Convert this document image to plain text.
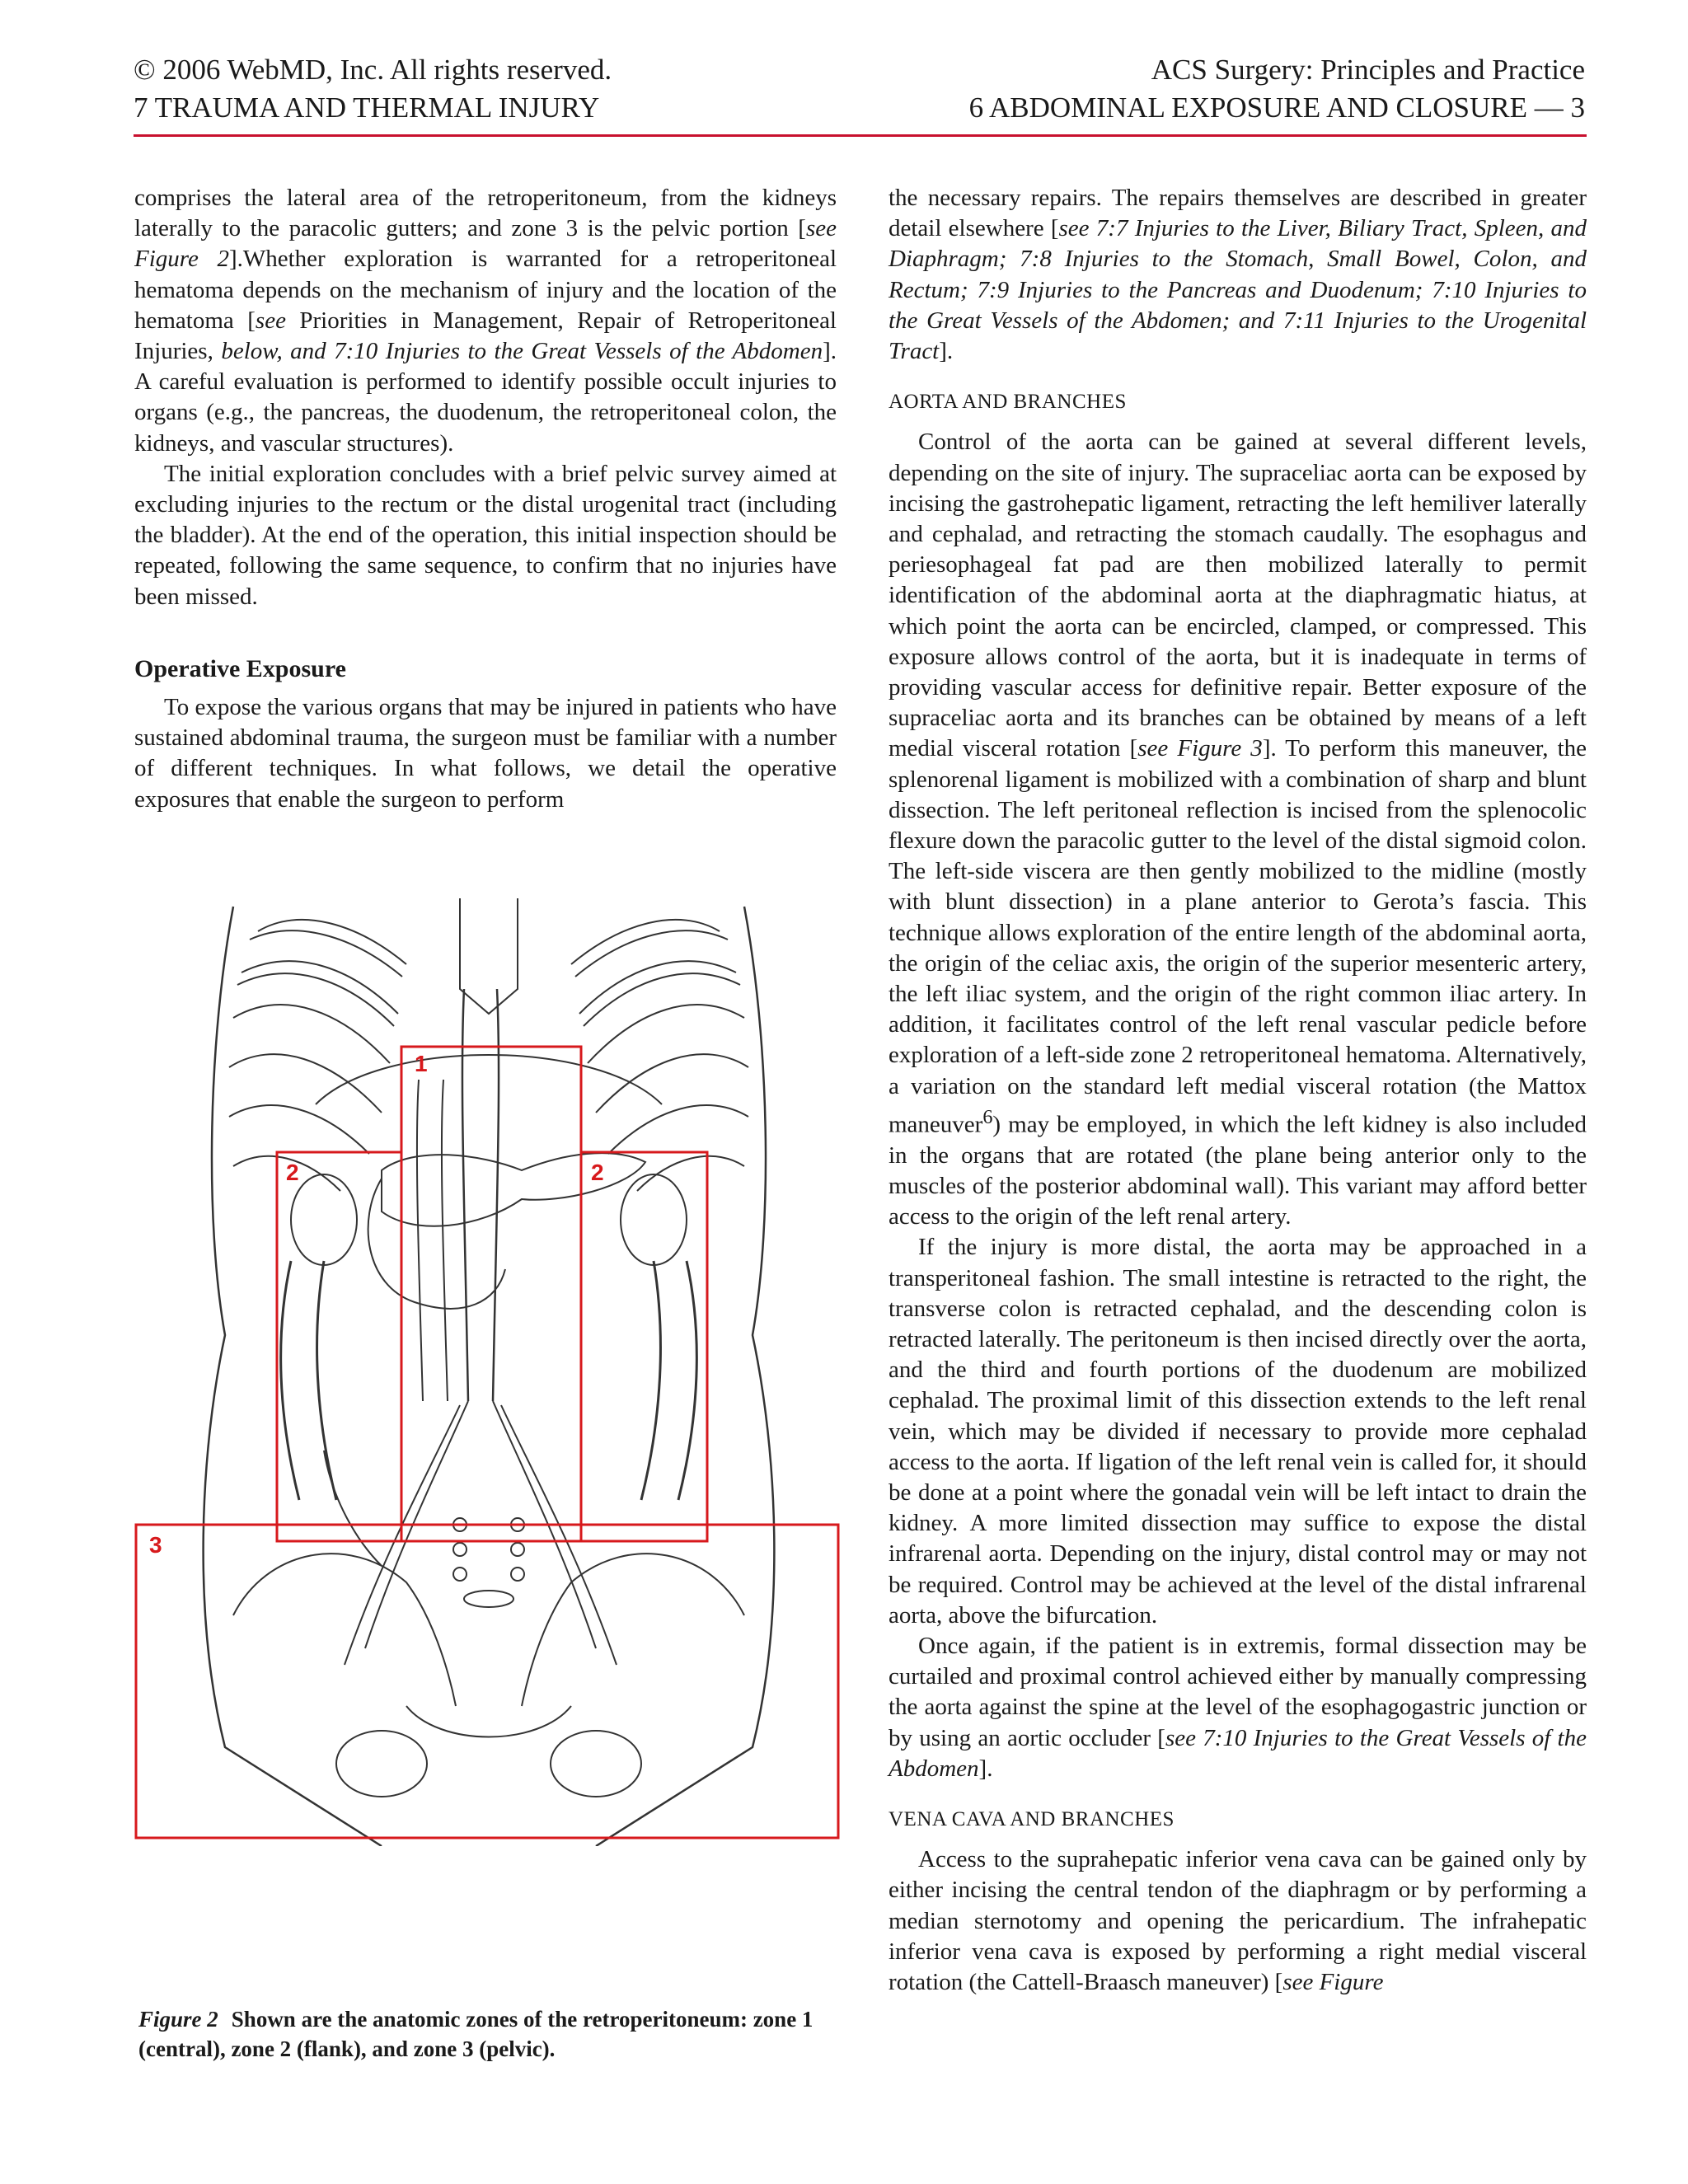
© 2006 WebMD, Inc. All rights reserved.
7 TRAUMA AND THERMAL INJURY
ACS Surgery: Principles and Practice
6 ABDOMINAL EXPOSURE AND CLOSURE — 3

comprises the lateral area of the retroperitoneum, from the kidneys laterally to the paracolic gutters; and zone 3 is the pelvic portion [see Figure 2].Whether exploration is warranted for a retroperitoneal hematoma depends on the mechanism of injury and the location of the hematoma [see Priorities in Management, Repair of Retroperitoneal Injuries, below, and 7:10 Injuries to the Great Vessels of the Abdomen]. A careful evaluation is performed to identify possible occult injuries to organs (e.g., the pancreas, the duodenum, the retroperitoneal colon, the kidneys, and vascular structures).

The initial exploration concludes with a brief pelvic survey aimed at excluding injuries to the rectum or the distal urogenital tract (including the bladder). At the end of the operation, this initial inspection should be repeated, following the same sequence, to confirm that no injuries have been missed.

Operative Exposure

To expose the various organs that may be injured in patients who have sustained abdominal trauma, the surgeon must be familiar with a number of different techniques. In what follows, we detail the operative exposures that enable the surgeon to perform

1
2	2
3
Figure 2 Shown are the anatomic zones of the retroperitoneum: zone 1 (central), zone 2 (flank), and zone 3 (pelvic).

the necessary repairs. The repairs themselves are described in greater detail elsewhere [see 7:7 Injuries to the Liver, Biliary Tract, Spleen, and Diaphragm; 7:8 Injuries to the Stomach, Small Bowel, Colon, and Rectum; 7:9 Injuries to the Pancreas and Duodenum; 7:10 Injuries to the Great Vessels of the Abdomen; and 7:11 Injuries to the Urogenital Tract].

AORTA AND BRANCHES

Control of the aorta can be gained at several different levels, depending on the site of injury. The supraceliac aorta can be exposed by incising the gastrohepatic ligament, retracting the left hemiliver laterally and cephalad, and retracting the stomach caudally. The esophagus and periesophageal fat pad are then mobilized laterally to permit identification of the abdominal aorta at the diaphragmatic hiatus, at which point the aorta can be encircled, clamped, or compressed. This exposure allows control of the aorta, but it is inadequate in terms of providing vascular access for definitive repair. Better exposure of the supraceliac aorta and its branches can be obtained by means of a left medial visceral rotation [see Figure 3]. To perform this maneuver, the splenorenal ligament is mobilized with a combination of sharp and blunt dissection. The left peritoneal reflection is incised from the splenocolic flexure down the paracolic gutter to the level of the distal sigmoid colon. The left-side viscera are then gently mobilized to the midline (mostly with blunt dissection) in a plane anterior to Gerota’s fascia. This technique allows exploration of the entire length of the abdominal aorta, the origin of the celiac axis, the origin of the superior mesenteric artery, the left iliac system, and the origin of the right common iliac artery. In addition, it facilitates control of the left renal vascular pedicle before exploration of a left-side zone 2 retroperitoneal hematoma. Alternatively, a variation on the standard left medial visceral rotation (the Mattox maneuver$^6$) may be employed, in which the left kidney is also included in the organs that are rotated (the plane being anterior only to the muscles of the posterior abdominal wall). This variant may afford better access to the origin of the left renal artery.

If the injury is more distal, the aorta may be approached in a transperitoneal fashion. The small intestine is retracted to the right, the transverse colon is retracted cephalad, and the descending colon is retracted laterally. The peritoneum is then incised directly over the aorta, and the third and fourth portions of the duodenum are mobilized cephalad. The proximal limit of this dissection extends to the left renal vein, which may be divided if necessary to provide more cephalad access to the aorta. If ligation of the left renal vein is called for, it should be done at a point where the gonadal vein will be left intact to drain the kidney. A more limited dissection may suffice to expose the distal infrarenal aorta. Depending on the injury, distal control may or may not be required. Control may be achieved at the level of the distal infrarenal aorta, above the bifurcation.

Once again, if the patient is in extremis, formal dissection may be curtailed and proximal control achieved either by manually compressing the aorta against the spine at the level of the esophagogastric junction or by using an aortic occluder [see 7:10 Injuries to the Great Vessels of the Abdomen].

VENA CAVA AND BRANCHES

Access to the suprahepatic inferior vena cava can be gained only by either incising the central tendon of the diaphragm or by performing a median sternotomy and opening the pericardium. The infrahepatic inferior vena cava is exposed by performing a right medial visceral rotation (the Cattell-Braasch maneuver) [see Figure
